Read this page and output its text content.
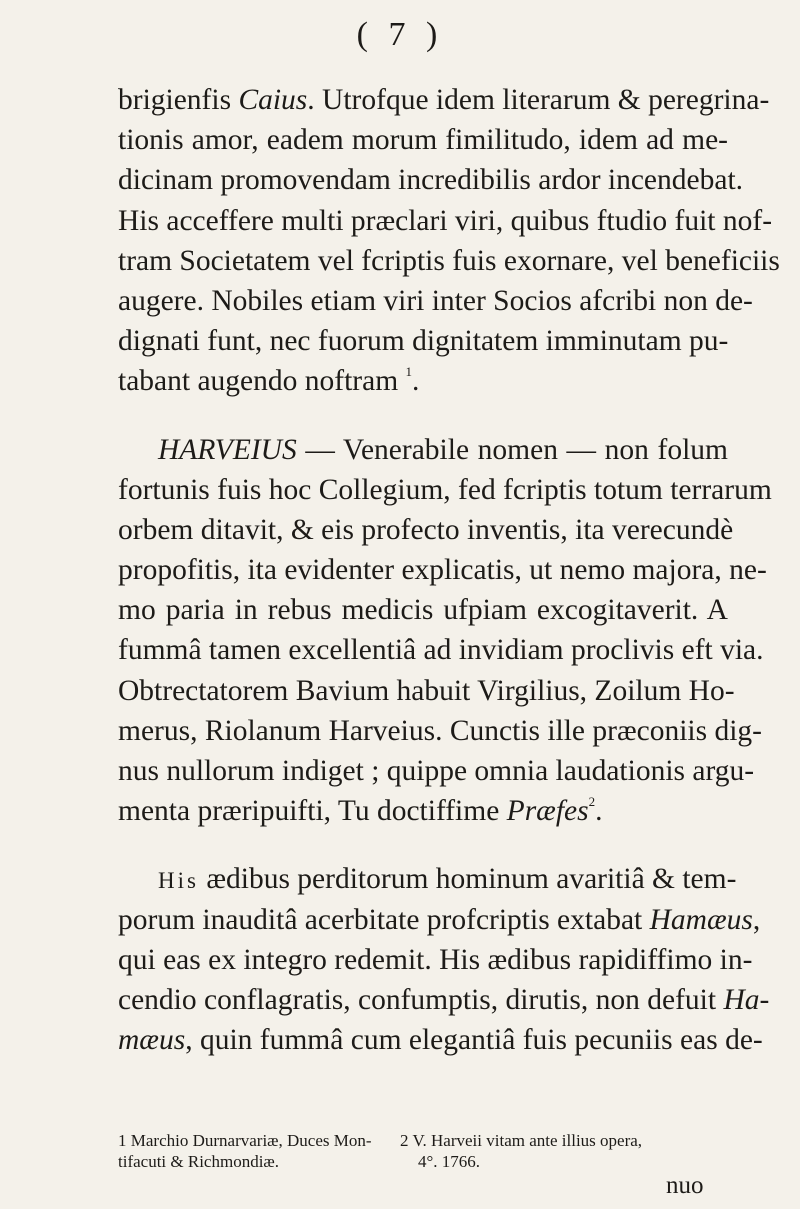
( 7 )
brigienfis Caius. Utrofque idem literarum & peregrina-
tionis amor, eadem morum fimilitudo, idem ad me-
dicinam promovendam incredibilis ardor incendebat.
His acceffere multi præclari viri, quibus ftudio fuit nof-
tram Societatem vel fcriptis fuis exornare, vel beneficiis
augere. Nobiles etiam viri inter Socios afcribi non de-
dignati funt, nec fuorum dignitatem imminutam pu-
tabant augendo noftram $^1$.
HARVEIUS — Venerabile nomen — non folum
fortunis fuis hoc Collegium, fed fcriptis totum terrarum
orbem ditavit, & eis profecto inventis, ita verecundè
propofitis, ita evidenter explicatis, ut nemo majora, ne-
mo paria in rebus medicis ufpiam excogitaverit. A
fummâ tamen excellentiâ ad invidiam proclivis eft via.
Obtrectatorem Bavium habuit Virgilius, Zoilum Ho-
merus, Riolanum Harveius. Cunctis ille præconiis dig-
nus nullorum indiget ; quippe omnia laudationis argu-
menta præripuifti, Tu doctiffime Præfes$^2$.
His ædibus perditorum hominum avaritiâ & tem-
porum inauditâ acerbitate profcriptis extabat Hamæus,
qui eas ex integro redemit. His ædibus rapidiffimo in-
cendio conflagratis, confumptis, dirutis, non defuit Ha-
mæus, quin fummâ cum elegantiâ fuis pecuniis eas de-
1 Marchio Durnarvariæ, Duces Mon-
tifacuti & Richmondiæ.
2 V. Harveii vitam ante illius opera,
4°. 1766.
nuo
